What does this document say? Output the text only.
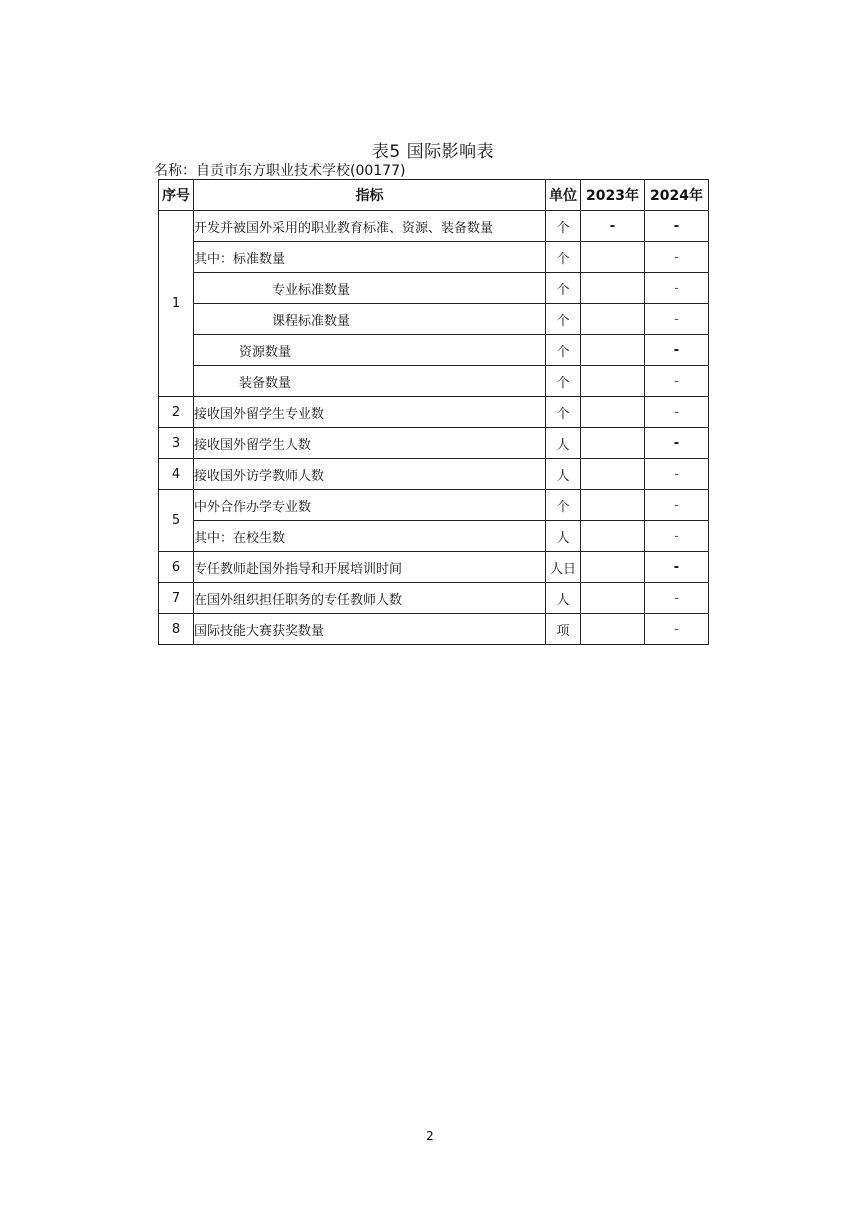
表5 国际影响表
名称：自贡市东方职业技术学校(00177)
序号	指标	单位	2023年	2024年
1	开发并被国外采用的职业教育标准、资源、装备数量	个	-	-
	其中：标准数量	个		-
	专业标准数量	个		-
	课程标准数量	个		-
	资源数量	个		-
	装备数量	个		-
2	接收国外留学生专业数	个		-
3	接收国外留学生人数	人		-
4	接收国外访学教师人数	人		-
5	中外合作办学专业数	个		-
	其中：在校生数	人		-
6	专任教师赴国外指导和开展培训时间	人日		-
7	在国外组织担任职务的专任教师人数	人		-
8	国际技能大赛获奖数量	项		-
2
